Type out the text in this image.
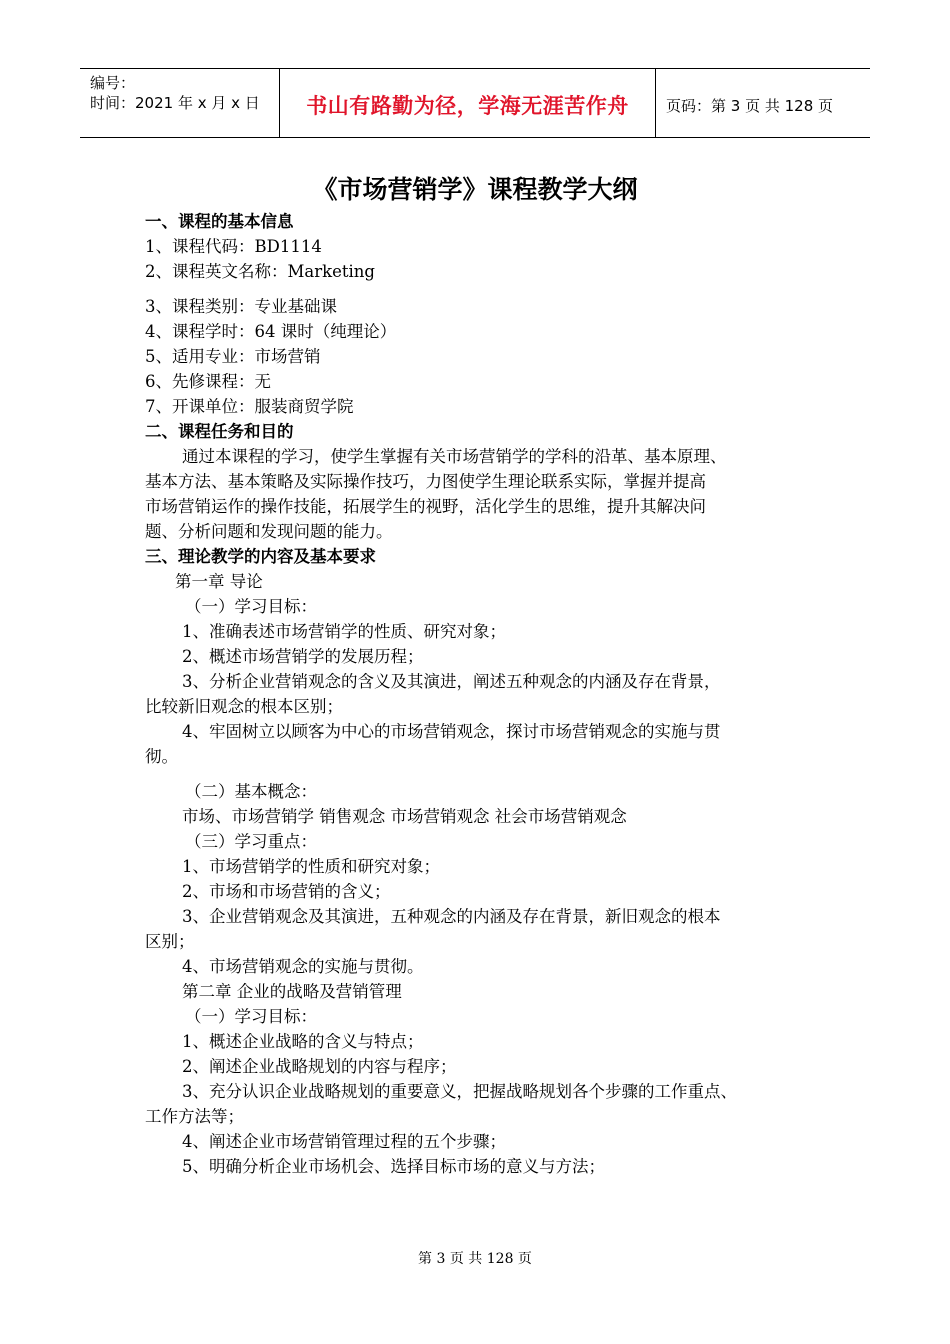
编号：
时间：2021 年 x 月 x 日	书山有路勤为径，学海无涯苦作舟	页码：第 3 页 共 128 页
《市场营销学》课程教学大纲
一、课程的基本信息
1、课程代码：BD1114
2、课程英文名称：Marketing
3、课程类别：专业基础课
4、课程学时：64 课时（纯理论）
5、适用专业：市场营销
6、先修课程：无
7、开课单位：服装商贸学院
二、课程任务和目的
通过本课程的学习，使学生掌握有关市场营销学的学科的沿革、基本原理、
基本方法、基本策略及实际操作技巧，力图使学生理论联系实际，掌握并提高
市场营销运作的操作技能，拓展学生的视野，活化学生的思维，提升其解决问
题、分析问题和发现问题的能力。
三、理论教学的内容及基本要求
第一章 导论
（一）学习目标：
1、准确表述市场营销学的性质、研究对象；
2、概述市场营销学的发展历程；
3、分析企业营销观念的含义及其演进，阐述五种观念的内涵及存在背景，
比较新旧观念的根本区别；
4、牢固树立以顾客为中心的市场营销观念，探讨市场营销观念的实施与贯
彻。
（二）基本概念：
市场、市场营销学 销售观念 市场营销观念 社会市场营销观念
（三）学习重点：
1、市场营销学的性质和研究对象；
2、市场和市场营销的含义；
3、企业营销观念及其演进，五种观念的内涵及存在背景，新旧观念的根本
区别；
4、市场营销观念的实施与贯彻。
第二章 企业的战略及营销管理
（一）学习目标：
1、概述企业战略的含义与特点；
2、阐述企业战略规划的内容与程序；
3、充分认识企业战略规划的重要意义，把握战略规划各个步骤的工作重点、
工作方法等；
4、阐述企业市场营销管理过程的五个步骤；
5、明确分析企业市场机会、选择目标市场的意义与方法；
第 3 页 共 128 页
